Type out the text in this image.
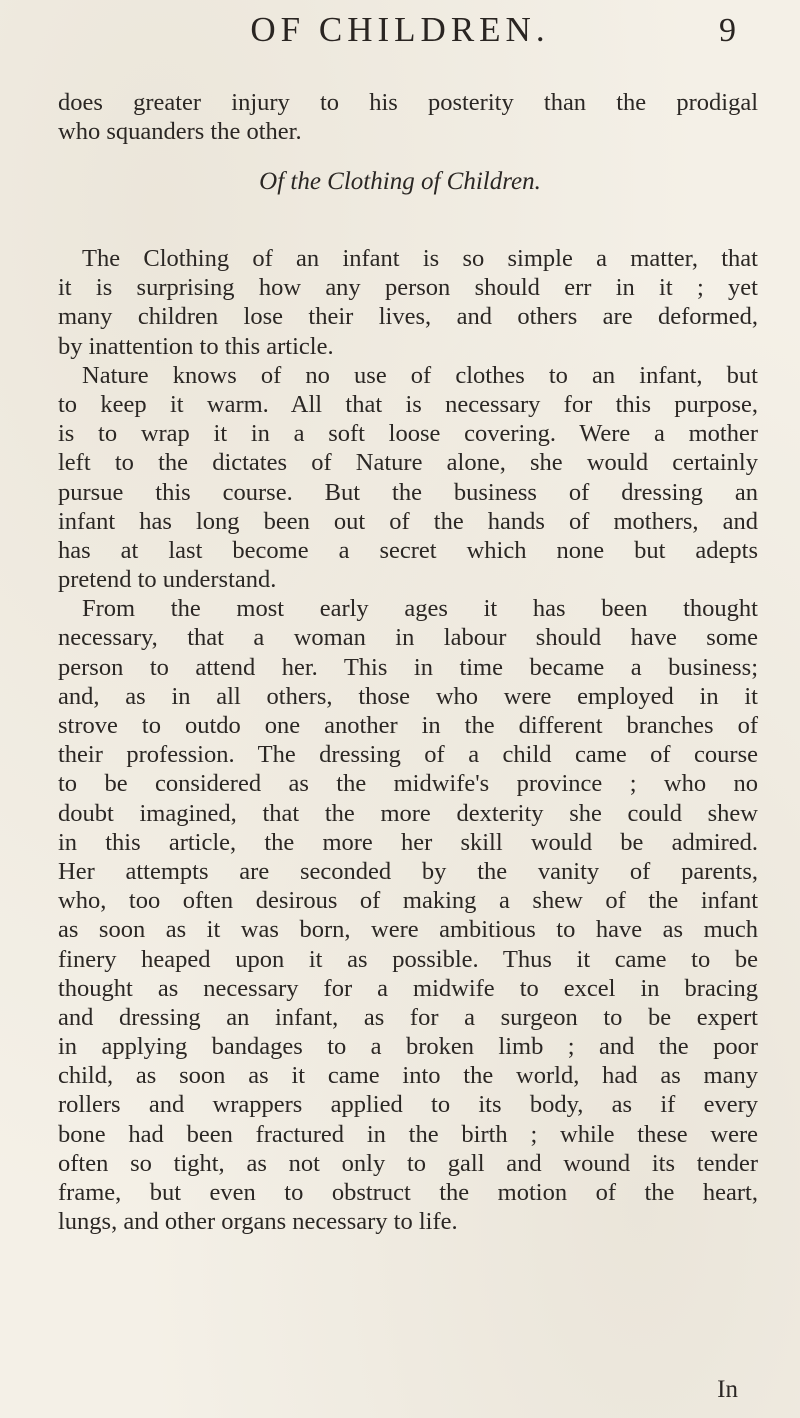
OF CHILDREN.	9
does greater injury to his posterity than the prodigal
who squanders the other.
Of the Clothing of Children.
The Clothing of an infant is so simple a matter, that
it is surprising how any person should err in it ; yet
many children lose their lives, and others are deformed,
by inattention to this article.
Nature knows of no use of clothes to an infant, but
to keep it warm. All that is necessary for this purpose,
is to wrap it in a soft loose covering. Were a mother
left to the dictates of Nature alone, she would certainly
pursue this course. But the business of dressing an
infant has long been out of the hands of mothers, and
has at last become a secret which none but adepts
pretend to understand.
From the most early ages it has been thought
necessary, that a woman in labour should have some
person to attend her. This in time became a business;
and, as in all others, those who were employed in it
strove to outdo one another in the different branches of
their profession. The dressing of a child came of course
to be considered as the midwife's province ; who no
doubt imagined, that the more dexterity she could shew
in this article, the more her skill would be admired.
Her attempts are seconded by the vanity of parents,
who, too often desirous of making a shew of the infant
as soon as it was born, were ambitious to have as much
finery heaped upon it as possible. Thus it came to be
thought as necessary for a midwife to excel in bracing
and dressing an infant, as for a surgeon to be expert
in applying bandages to a broken limb ; and the poor
child, as soon as it came into the world, had as many
rollers and wrappers applied to its body, as if every
bone had been fractured in the birth ; while these were
often so tight, as not only to gall and wound its tender
frame, but even to obstruct the motion of the heart,
lungs, and other organs necessary to life.
In
